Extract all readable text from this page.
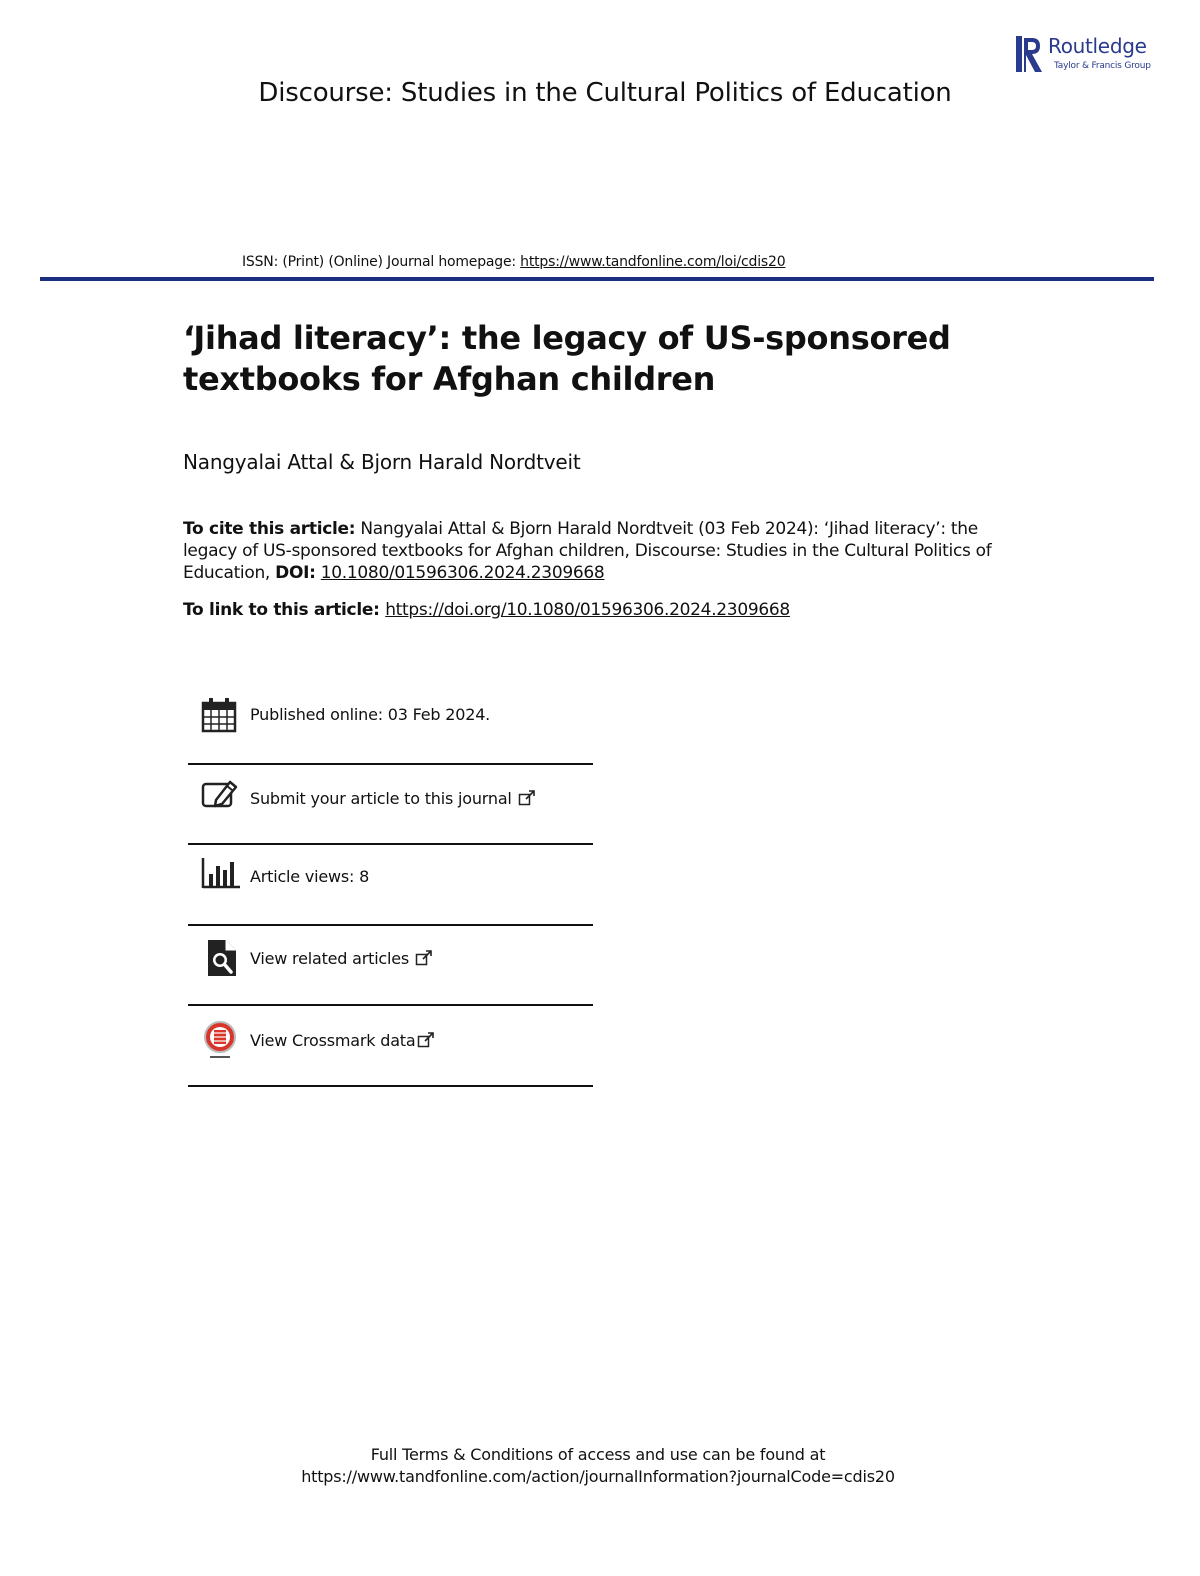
Routledge
Taylor & Francis Group
Discourse: Studies in the Cultural Politics of Education
ISSN: (Print) (Online) Journal homepage: https://www.tandfonline.com/loi/cdis20
‘Jihad literacy’: the legacy of US-sponsored
textbooks for Afghan children
Nangyalai Attal & Bjorn Harald Nordtveit
To cite this article: Nangyalai Attal & Bjorn Harald Nordtveit (03 Feb 2024): ‘Jihad literacy’: the legacy of US-sponsored textbooks for Afghan children, Discourse: Studies in the Cultural Politics of Education, DOI: 10.1080/01596306.2024.2309668
To link to this article: https://doi.org/10.1080/01596306.2024.2309668
Published online: 03 Feb 2024.
Submit your article to this journal
Article views: 8
View related articles
View Crossmark data
Full Terms & Conditions of access and use can be found at
https://www.tandfonline.com/action/journalInformation?journalCode=cdis20
